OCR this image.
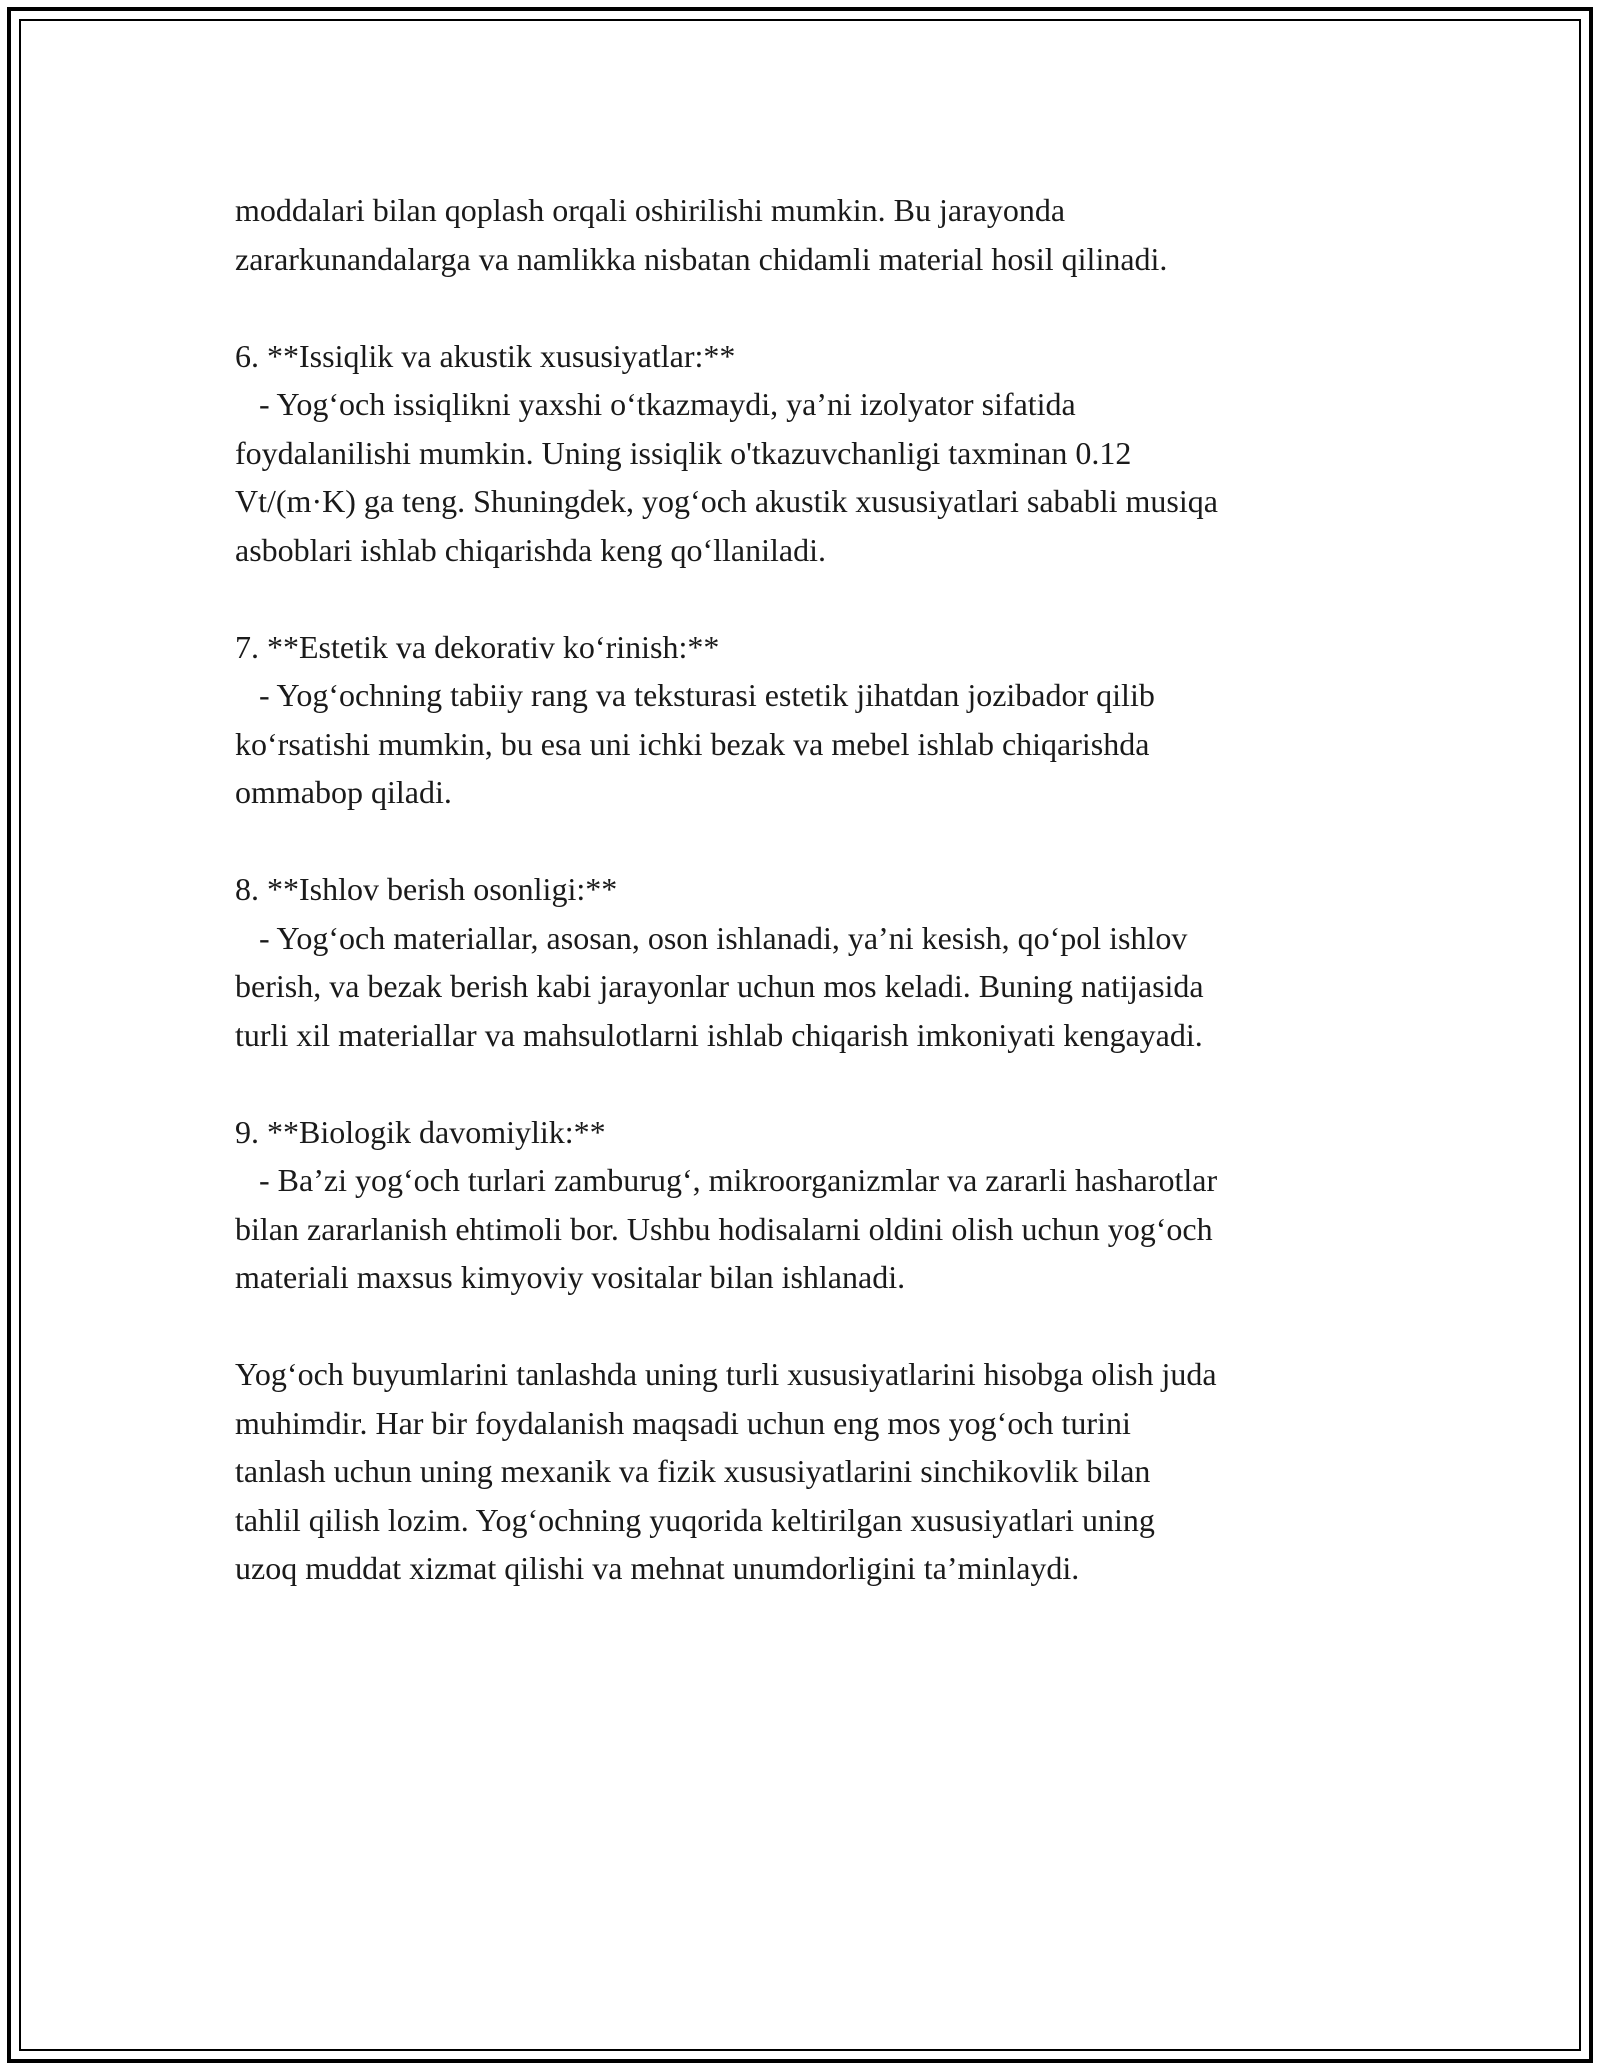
moddalari bilan qoplash orqali oshirilishi mumkin. Bu jarayonda
zararkunandalarga va namlikka nisbatan chidamli material hosil qilinadi.
6. **Issiqlik va akustik xususiyatlar:**
- Yog‘och issiqlikni yaxshi o‘tkazmaydi, ya’ni izolyator sifatida
foydalanilishi mumkin. Uning issiqlik o'tkazuvchanligi taxminan 0.12
Vt/(m·K) ga teng. Shuningdek, yog‘och akustik xususiyatlari sababli musiqa
asboblari ishlab chiqarishda keng qo‘llaniladi.
7. **Estetik va dekorativ ko‘rinish:**
- Yog‘ochning tabiiy rang va teksturasi estetik jihatdan jozibador qilib
ko‘rsatishi mumkin, bu esa uni ichki bezak va mebel ishlab chiqarishda
ommabop qiladi.
8. **Ishlov berish osonligi:**
- Yog‘och materiallar, asosan, oson ishlanadi, ya’ni kesish, qo‘pol ishlov
berish, va bezak berish kabi jarayonlar uchun mos keladi. Buning natijasida
turli xil materiallar va mahsulotlarni ishlab chiqarish imkoniyati kengayadi.
9. **Biologik davomiylik:**
- Ba’zi yog‘och turlari zamburug‘, mikroorganizmlar va zararli hasharotlar
bilan zararlanish ehtimoli bor. Ushbu hodisalarni oldini olish uchun yog‘och
materiali maxsus kimyoviy vositalar bilan ishlanadi.
Yog‘och buyumlarini tanlashda uning turli xususiyatlarini hisobga olish juda
muhimdir. Har bir foydalanish maqsadi uchun eng mos yog‘och turini
tanlash uchun uning mexanik va fizik xususiyatlarini sinchikovlik bilan
tahlil qilish lozim. Yog‘ochning yuqorida keltirilgan xususiyatlari uning
uzoq muddat xizmat qilishi va mehnat unumdorligini ta’minlaydi.
